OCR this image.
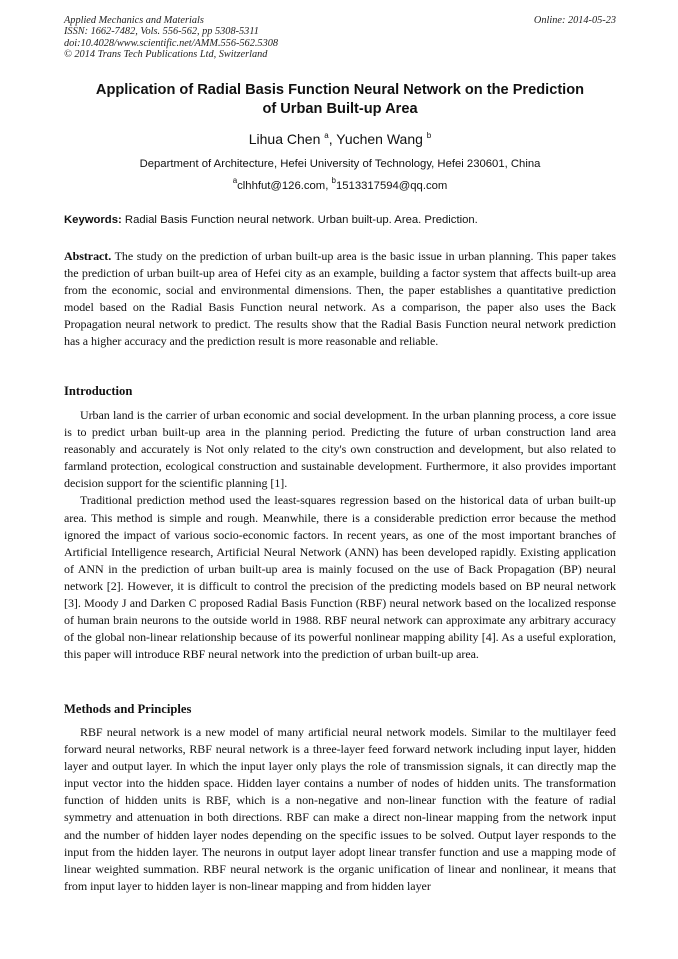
Applied Mechanics and Materials
ISSN: 1662-7482, Vols. 556-562, pp 5308-5311
doi:10.4028/www.scientific.net/AMM.556-562.5308
© 2014 Trans Tech Publications Ltd, Switzerland
Online: 2014-05-23
Application of Radial Basis Function Neural Network on the Prediction
of Urban Built-up Area
Lihua Chen $^a$, Yuchen Wang $^b$
Department of Architecture, Hefei University of Technology, Hefei 230601, China
$^a$clhhfut@126.com, $^b$1513317594@qq.com
Keywords: Radial Basis Function neural network. Urban built-up. Area. Prediction.

Abstract. The study on the prediction of urban built-up area is the basic issue in urban planning. This paper takes the prediction of urban built-up area of Hefei city as an example, building a factor system that affects built-up area from the economic, social and environmental dimensions. Then, the paper establishes a quantitative prediction model based on the Radial Basis Function neural network. As a comparison, the paper also uses the Back Propagation neural network to predict. The results show that the Radial Basis Function neural network prediction has a higher accuracy and the prediction result is more reasonable and reliable.

Introduction

Urban land is the carrier of urban economic and social development. In the urban planning process, a core issue is to predict urban built-up area in the planning period. Predicting the future of urban construction land area reasonably and accurately is Not only related to the city's own construction and development, but also related to farmland protection, ecological construction and sustainable development. Furthermore, it also provides important decision support for the scientific planning [1].

Traditional prediction method used the least-squares regression based on the historical data of urban built-up area. This method is simple and rough. Meanwhile, there is a considerable prediction error because the method ignored the impact of various socio-economic factors. In recent years, as one of the most important branches of Artificial Intelligence research, Artificial Neural Network (ANN) has been developed rapidly. Existing application of ANN in the prediction of urban built-up area is mainly focused on the use of Back Propagation (BP) neural network [2]. However, it is difficult to control the precision of the predicting models based on BP neural network [3]. Moody J and Darken C proposed Radial Basis Function (RBF) neural network based on the localized response of human brain neurons to the outside world in 1988. RBF neural network can approximate any arbitrary accuracy of the global non-linear relationship because of its powerful nonlinear mapping ability [4]. As a useful exploration, this paper will introduce RBF neural network into the prediction of urban built-up area.

Methods and Principles

RBF neural network is a new model of many artificial neural network models. Similar to the multilayer feed forward neural networks, RBF neural network is a three-layer feed forward network including input layer, hidden layer and output layer. In which the input layer only plays the role of transmission signals, it can directly map the input vector into the hidden space. Hidden layer contains a number of nodes of hidden units. The transformation function of hidden units is RBF, which is a non-negative and non-linear function with the feature of radial symmetry and attenuation in both directions. RBF can make a direct non-linear mapping from the network input and the number of hidden layer nodes depending on the specific issues to be solved. Output layer responds to the input from the hidden layer. The neurons in output layer adopt linear transfer function and use a mapping mode of linear weighted summation. RBF neural network is the organic unification of linear and nonlinear, it means that from input layer to hidden layer is non-linear mapping and from hidden layer
